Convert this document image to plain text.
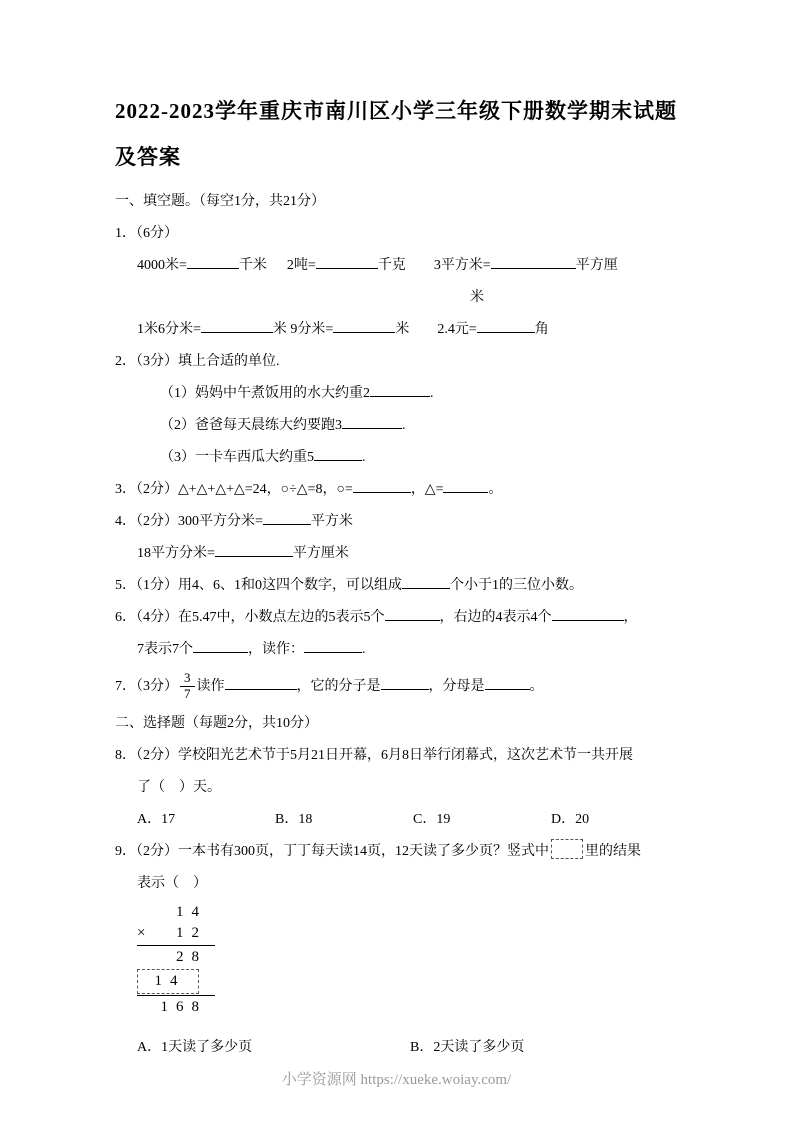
2022-2023学年重庆市南川区小学三年级下册数学期末试题
及答案
一、填空题。（每空1分，共21分）
1．（6分）
4000米=	千米 2吨=	千克 3平方米=	平方厘
米
1米6分米=	米 9分米=	米 2.4元=	角
2．（3分）填上合适的单位.
（1）妈妈中午煮饭用的水大约重2	.
（2）爸爸每天晨练大约要跑3	.
（3）一卡车西瓜大约重5	.
3．（2分）△+△+△+△=24，○÷△=8，○=	，△=	。
4．（2分）300平方分米=	平方米
18平方分米=	平方厘米
5．（1分）用4、6、1和0这四个数字，可以组成	个小于1的三位小数。
6．（4分）在5.47中，小数点左边的5表示5个	，右边的4表示4个	，
7表示7个	，读作：	.
7．（3分） $\frac{3}{7}$ 读作	，它的分子是	，分母是	。
二、选择题（每题2分，共10分）
8．（2分）学校阳光艺术节于5月21日开幕，6月8日举行闭幕式，这次艺术节一共开展
了（　）天。
A．17	B．18	C．19	D．20
9．（2分）一本书有300页，丁丁每天读14页，12天读了多少页？竖式中	里的结果
表示（　）
14
× 12
28
14
168
A．1天读了多少页	B．2天读了多少页
小学资源网 https://xueke.woiay.com/
